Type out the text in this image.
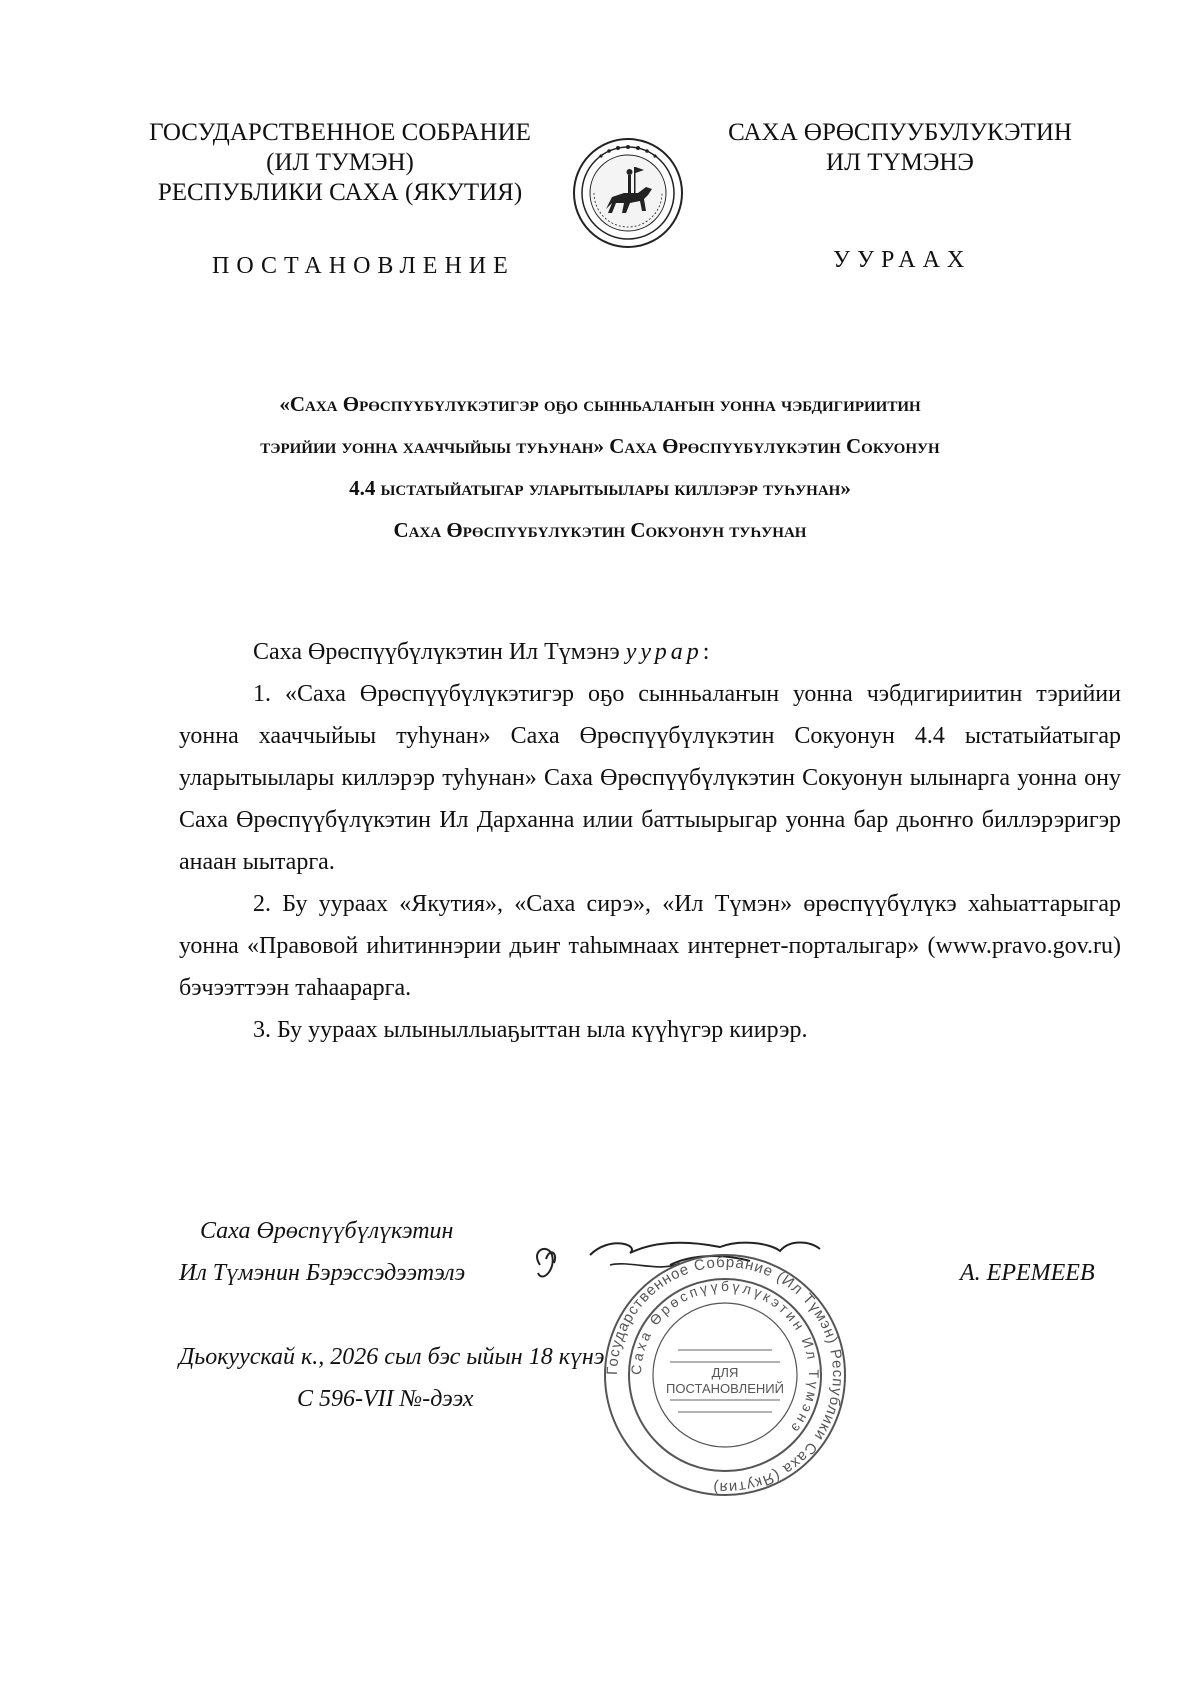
ГОСУДАРСТВЕННОЕ СОБРАНИЕ
(ИЛ ТУМЭН)
РЕСПУБЛИКИ САХА (ЯКУТИЯ)
ПОСТАНОВЛЕНИЕ
САХА ӨРӨСПУУБУЛУКЭТИН
ИЛ ТҮМЭНЭ
УУРААХ
«Саха Өрөспүүбүлүкэтигэр оҕо сынньалаҥын уонна чэбдигириитин
тэрийии уонна хааччыйыы туһунан» Саха Өрөспүүбүлүкэтин Сокуонун
4.4 ыстатыйатыгар уларытыылары киллэрэр туһунан»
Саха Өрөспүүбүлүкэтин Сокуонун туһунан

Саха Өрөспүүбүлүкэтин Ил Түмэнэ уурар:

1. «Саха Өрөспүүбүлүкэтигэр оҕо сынньалаҥын уонна чэбдигириитин тэрийии уонна хааччыйыы туһунан» Саха Өрөспүүбүлүкэтин Сокуонун 4.4 ыстатыйатыгар уларытыылары киллэрэр туһунан» Саха Өрөспүүбүлүкэтин Сокуонун ылынарга уонна ону Саха Өрөспүүбүлүкэтин Ил Дарханна илии баттыырыгар уонна бар дьоҥҥо биллэрэригэр анаан ыытарга.

2. Бу уураах «Якутия», «Саха сирэ», «Ил Түмэн» өрөспүүбүлүкэ хаһыаттарыгар уонна «Правовой иһитиннэрии дьиҥ таһымнаах интернет-порталыгар» (www.pravo.gov.ru) бэчээттээн таһаарарга.

3. Бу уураах ылыныллыаҕыттан ыла күүһүгэр киирэр.

Саха Өрөспүүбүлүкэтин
Ил Түмэнин Бэрэссэдээтэлэ	А. ЕРЕМЕЕВ
Дьокуускай к., 2026 сыл бэс ыйын 18 күнэ
С 596-VII №-дээх
Государственное Собрание (Ил Түмэн) Республики Саха (Якутия)
Саха Өрөспүүбүлүкэтин Ил Түмэнэ
ДЛЯ
ПОСТАНОВЛЕНИЙ
